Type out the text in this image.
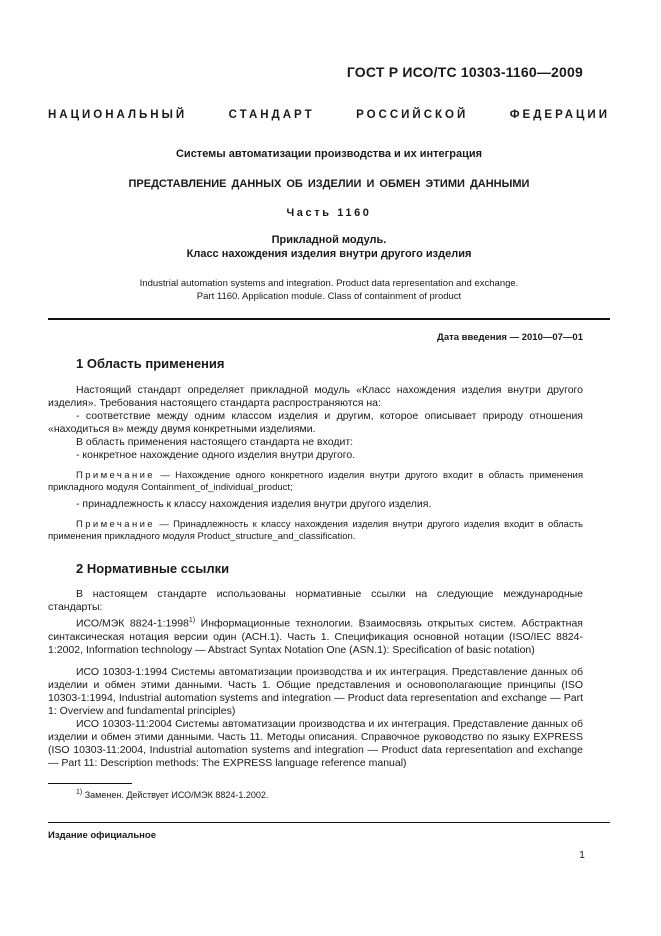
ГОСТ Р ИСО/ТС 10303-1160—2009
НАЦИОНАЛЬНЫЙ	СТАНДАРТ	РОССИЙСКОЙ	ФЕДЕРАЦИИ
Системы автоматизации производства и их интеграция
ПРЕДСТАВЛЕНИЕ ДАННЫХ ОБ ИЗДЕЛИИ И ОБМЕН ЭТИМИ ДАННЫМИ
Часть 1160
Прикладной модуль.
Класс нахождения изделия внутри другого изделия
Industrial automation systems and integration. Product data representation and exchange.
Part 1160. Application module. Class of containment of product
Дата введения — 2010—07—01
1 Область применения
Настоящий стандарт определяет прикладной модуль «Класс нахождения изделия внутри другого изделия». Требования настоящего стандарта распространяются на:
- соответствие между одним классом изделия и другим, которое описывает природу отношения «находиться в» между двумя конкретными изделиями.
В область применения настоящего стандарта не входит:
- конкретное нахождение одного изделия внутри другого.
Примечание — Нахождение одного конкретного изделия внутри другого входит в область применения прикладного модуля Containment_of_individual_product;
- принадлежность к классу нахождения изделия внутри другого изделия.
Примечание — Принадлежность к классу нахождения изделия внутри другого изделия входит в область применения прикладного модуля Product_structure_and_classification.
2 Нормативные ссылки
В настоящем стандарте использованы нормативные ссылки на следующие международные стандарты:
ИСО/МЭК 8824-1:1998$^{1)}$ Информационные технологии. Взаимосвязь открытых систем. Абстрактная синтаксическая нотация версии один (АСН.1). Часть 1. Спецификация основной нотации (ISO/IEC 8824-1:2002, Information technology — Abstract Syntax Notation One (ASN.1): Specification of basic notation)
ИСО 10303-1:1994 Системы автоматизации производства и их интеграция. Представление данных об изделии и обмен этими данными. Часть 1. Общие представления и основополагающие принципы (ISO 10303-1:1994, Industrial automation systems and integration — Product data representation and exchange — Part 1: Overview and fundamental principles)
ИСО 10303-11:2004 Системы автоматизации производства и их интеграция. Представление данных об изделии и обмен этими данными. Часть 11. Методы описания. Справочное руководство по языку EXPRESS (ISO 10303-11:2004, Industrial automation systems and integration — Product data representation and exchange — Part 11: Description methods: The EXPRESS language reference manual)
$^{1)}$ Заменен. Действует ИСО/МЭК 8824-1.2002.
Издание официальное
1
